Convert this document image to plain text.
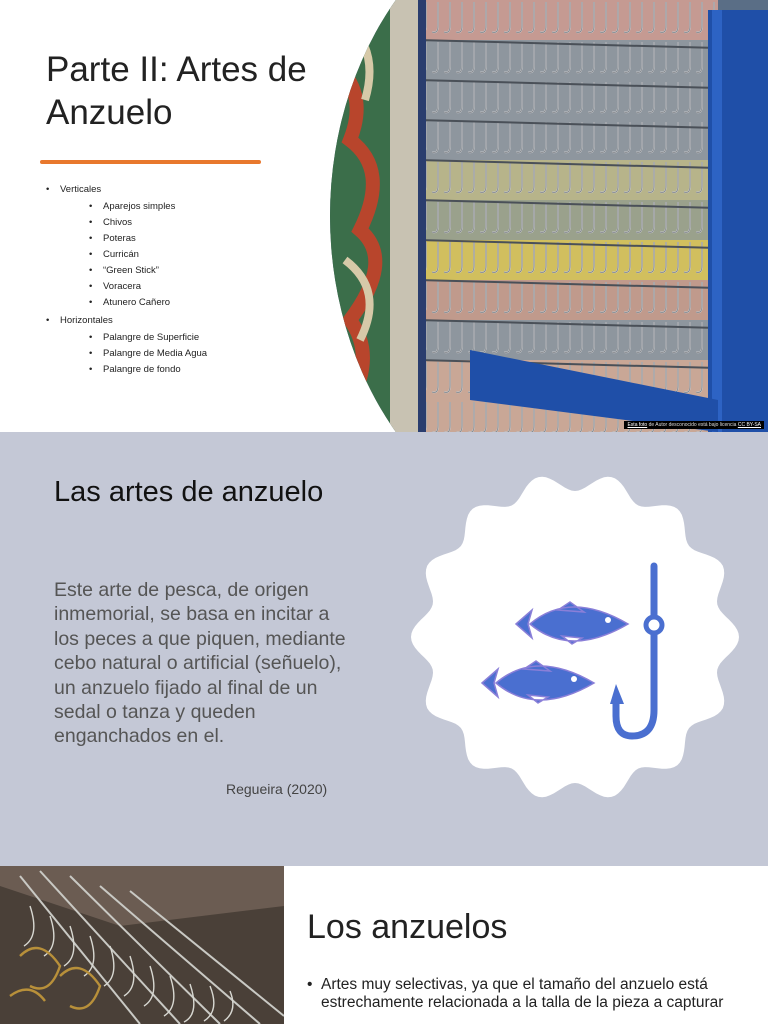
Parte II: Artes de Anzuelo
• Verticales
• Aparejos simples
• Chivos
• Poteras
• Curricán
• “Green Stick”
• Voracera
• Atunero Cañero
• Horizontales
• Palangre de Superficie
• Palangre de Media Agua
• Palangre de fondo
Esta foto de Autor desconocido está bajo licencia CC BY-SA
Las artes de anzuelo

Este arte de pesca, de origen inmemorial, se basa en incitar a los peces a que piquen, mediante cebo natural o artificial (señuelo), un anzuelo fijado al final de un sedal o tanza y queden enganchados en el.

Regueira (2020)

Los anzuelos
• Artes muy selectivas, ya que el tamaño del anzuelo está estrechamente relacionada a la talla de la pieza a capturar
